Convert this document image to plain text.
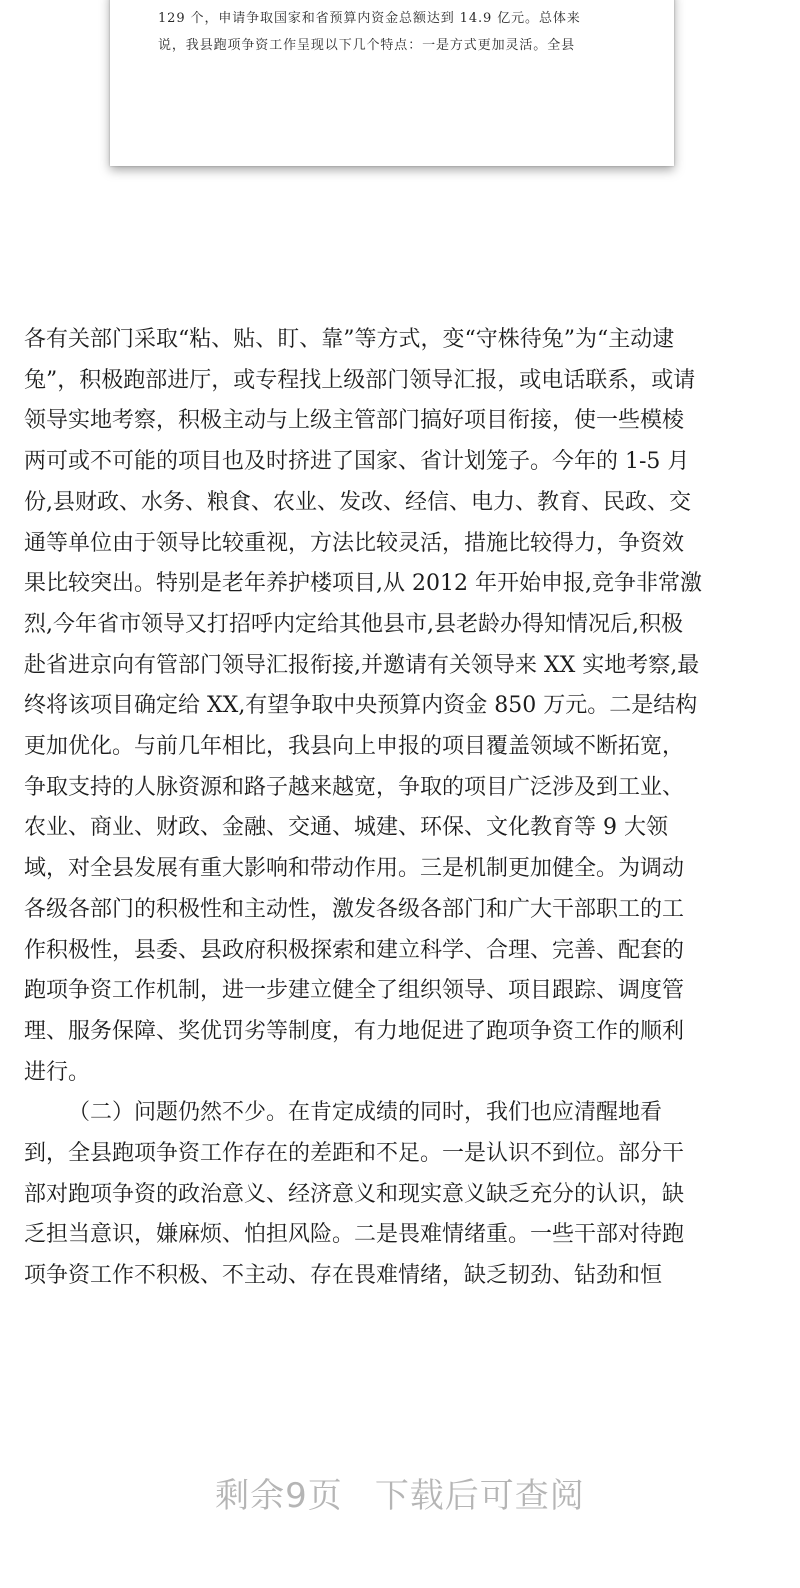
129 个，申请争取国家和省预算内资金总额达到 14.9 亿元。总体来
说，我县跑项争资工作呈现以下几个特点：一是方式更加灵活。全县
各有关部门采取“粘、贴、盯、靠”等方式，变“守株待兔”为“主动逮
兔”，积极跑部进厅，或专程找上级部门领导汇报，或电话联系，或请
领导实地考察，积极主动与上级主管部门搞好项目衔接，使一些模棱
两可或不可能的项目也及时挤进了国家、省计划笼子。今年的 1-5 月
份,县财政、水务、粮食、农业、发改、经信、电力、教育、民政、交
通等单位由于领导比较重视，方法比较灵活，措施比较得力，争资效
果比较突出。特别是老年养护楼项目,从 2012 年开始申报,竞争非常激
烈,今年省市领导又打招呼内定给其他县市,县老龄办得知情况后,积极
赴省进京向有管部门领导汇报衔接,并邀请有关领导来 XX 实地考察,最
终将该项目确定给 XX,有望争取中央预算内资金 850 万元。二是结构
更加优化。与前几年相比，我县向上申报的项目覆盖领域不断拓宽，
争取支持的人脉资源和路子越来越宽，争取的项目广泛涉及到工业、
农业、商业、财政、金融、交通、城建、环保、文化教育等 9 大领
域，对全县发展有重大影响和带动作用。三是机制更加健全。为调动
各级各部门的积极性和主动性，激发各级各部门和广大干部职工的工
作积极性，县委、县政府积极探索和建立科学、合理、完善、配套的
跑项争资工作机制，进一步建立健全了组织领导、项目跟踪、调度管
理、服务保障、奖优罚劣等制度，有力地促进了跑项争资工作的顺利
进行。
（二）问题仍然不少。在肯定成绩的同时，我们也应清醒地看
到，全县跑项争资工作存在的差距和不足。一是认识不到位。部分干
部对跑项争资的政治意义、经济意义和现实意义缺乏充分的认识，缺
乏担当意识，嫌麻烦、怕担风险。二是畏难情绪重。一些干部对待跑
项争资工作不积极、不主动、存在畏难情绪，缺乏韧劲、钻劲和恒
剩余9页 下载后可查阅
